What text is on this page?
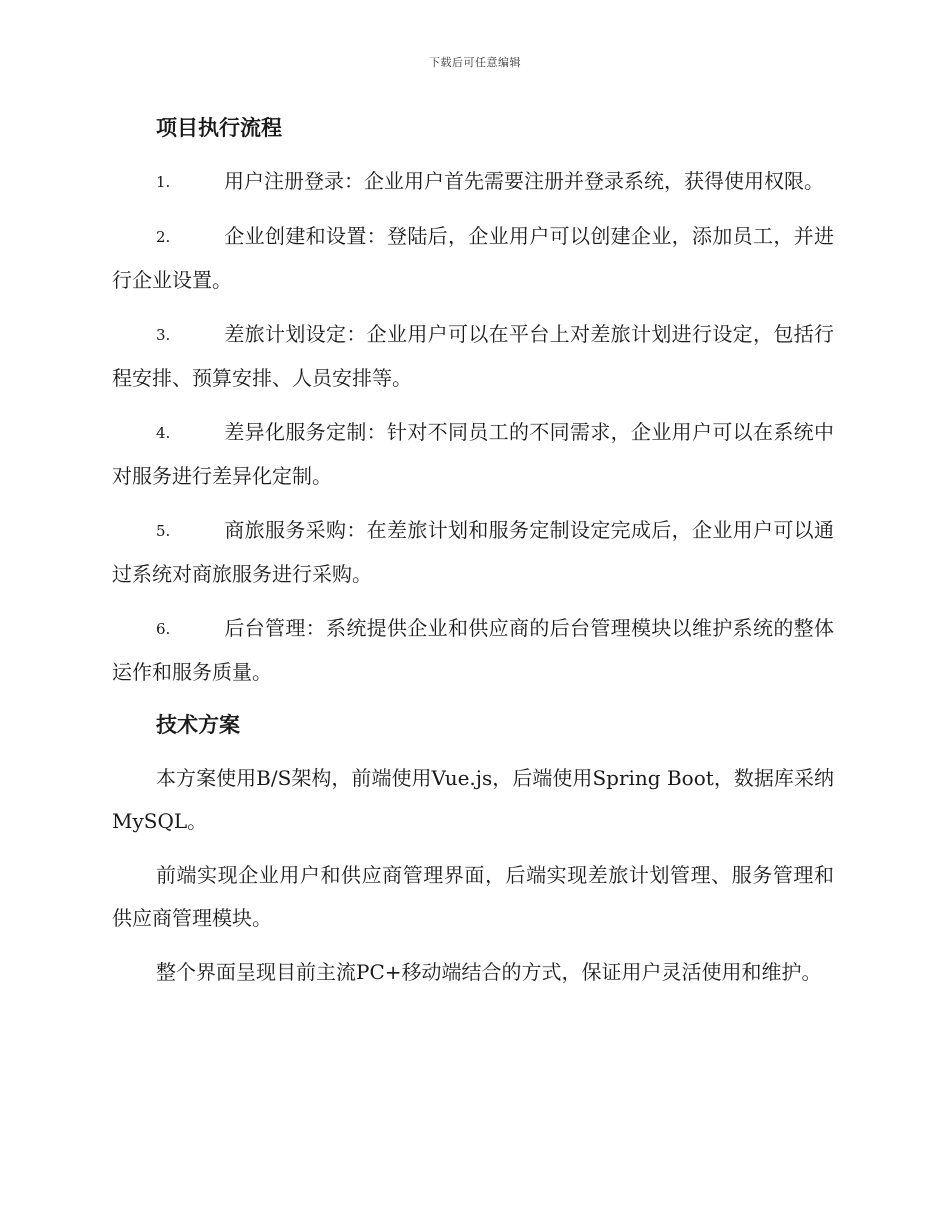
下载后可任意编辑
项目执行流程
1.	用户注册登录：企业用户首先需要注册并登录系统，获得使用权限。
2.	企业创建和设置：登陆后，企业用户可以创建企业，添加员工，并进行企业设置。
3.	差旅计划设定：企业用户可以在平台上对差旅计划进行设定，包括行程安排、预算安排、人员安排等。
4.	差异化服务定制：针对不同员工的不同需求，企业用户可以在系统中对服务进行差异化定制。
5.	商旅服务采购：在差旅计划和服务定制设定完成后，企业用户可以通过系统对商旅服务进行采购。
6.	后台管理：系统提供企业和供应商的后台管理模块以维护系统的整体运作和服务质量。
技术方案

本方案使用B/S架构，前端使用Vue.js，后端使用Spring Boot，数据库采纳MySQL。

前端实现企业用户和供应商管理界面，后端实现差旅计划管理、服务管理和供应商管理模块。

整个界面呈现目前主流PC+移动端结合的方式，保证用户灵活使用和维护。
